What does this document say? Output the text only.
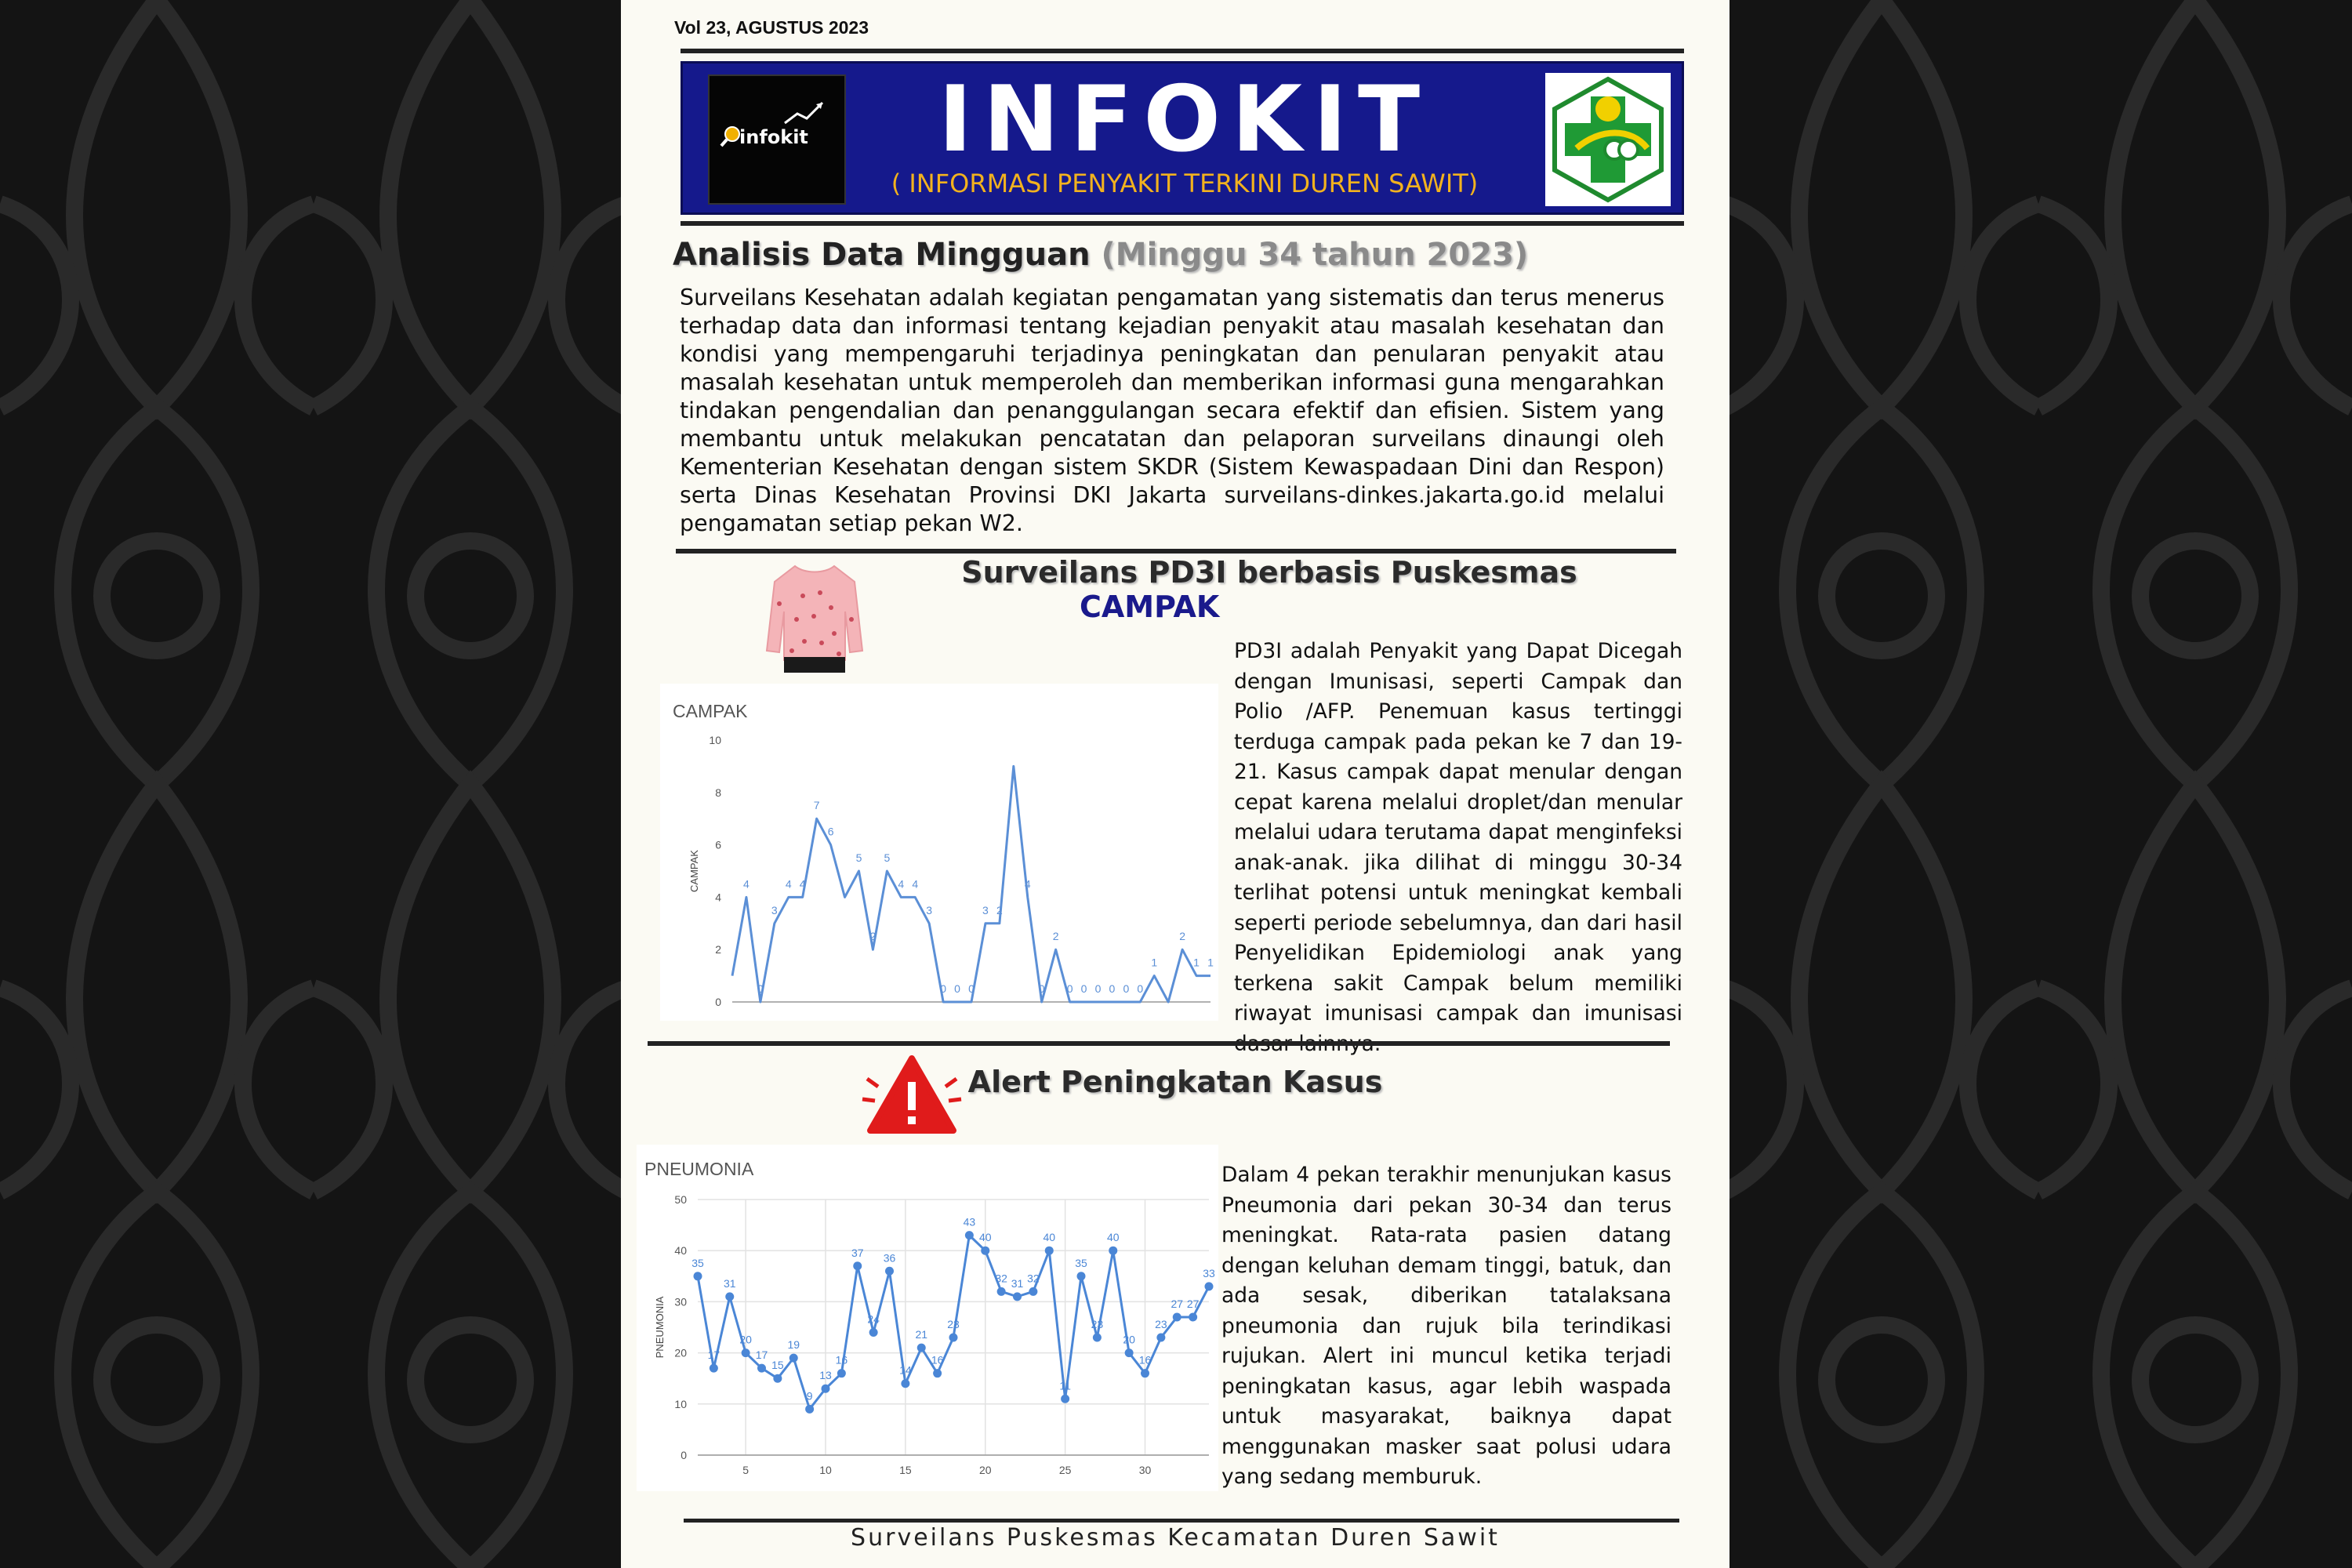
Vol 23, AGUSTUS 2023
infokit	INFOKIT
( INFORMASI PENYAKIT TERKINI DUREN SAWIT)
Analisis Data Mingguan (Minggu 34 tahun 2023)
Surveilans Kesehatan adalah kegiatan pengamatan yang sistematis dan terus menerus terhadap data dan informasi tentang kejadian penyakit atau masalah kesehatan dan kondisi yang mempengaruhi terjadinya peningkatan dan penularan penyakit atau masalah kesehatan untuk memperoleh dan memberikan informasi guna mengarahkan tindakan pengendalian dan penanggulangan secara efektif dan efisien. Sistem yang membantu untuk melakukan pencatatan dan pelaporan surveilans dinaungi oleh Kementerian Kesehatan dengan sistem SKDR (Sistem Kewaspadaan Dini dan Respon) serta Dinas Kesehatan Provinsi DKI Jakarta surveilans-dinkes.jakarta.go.id melalui pengamatan setiap pekan W2.
Surveilans PD3I berbasis Puskesmas
CAMPAK
CAMPAK
0
2
4
6
8
10
CAMPAK	4
0
3
4 4
7
6
5
2
5
4 4
3
0 0 0
3 2
4
0
2
0 0 0 0 0 0
1
2
1 1
PD3I adalah Penyakit yang Dapat Dicegah dengan Imunisasi, seperti Campak dan Polio /AFP. Penemuan kasus tertinggi terduga campak pada pekan ke 7 dan 19-21. Kasus campak dapat menular dengan cepat karena melalui droplet/dan menular melalui udara terutama dapat menginfeksi anak-anak. jika dilihat di minggu 30-34 terlihat potensi untuk meningkat kembali seperti periode sebelumnya, dan dari hasil Penyelidikan Epidemiologi anak yang terkena sakit Campak belum memiliki riwayat imunisasi campak dan imunisasi
Alert Peningkatan Kasus
PNEUMONIA
0
10
20
30
40
50
5	10	15	20	25	30
PNEUMONIA
35
17
31
20
17
15
19
9
13
16
37
24
36
14
21
16
23
43
40
32 31 32
40
11
35
23
40
20
16
23
27 27
33
Dalam 4 pekan terakhir menunjukan kasus Pneumonia dari pekan 30-34 dan terus meningkat. Rata-rata pasien datang dengan keluhan demam tinggi, batuk, dan ada sesak, diberikan tatalaksana pneumonia dan rujuk bila terindikasi rujukan. Alert ini muncul ketika terjadi peningkatan kasus, agar lebih waspada untuk masyarakat, baiknya dapat menggunakan masker saat polusi udara yang sedang memburuk.
Surveilans Puskesmas Kecamatan Duren Sawit
